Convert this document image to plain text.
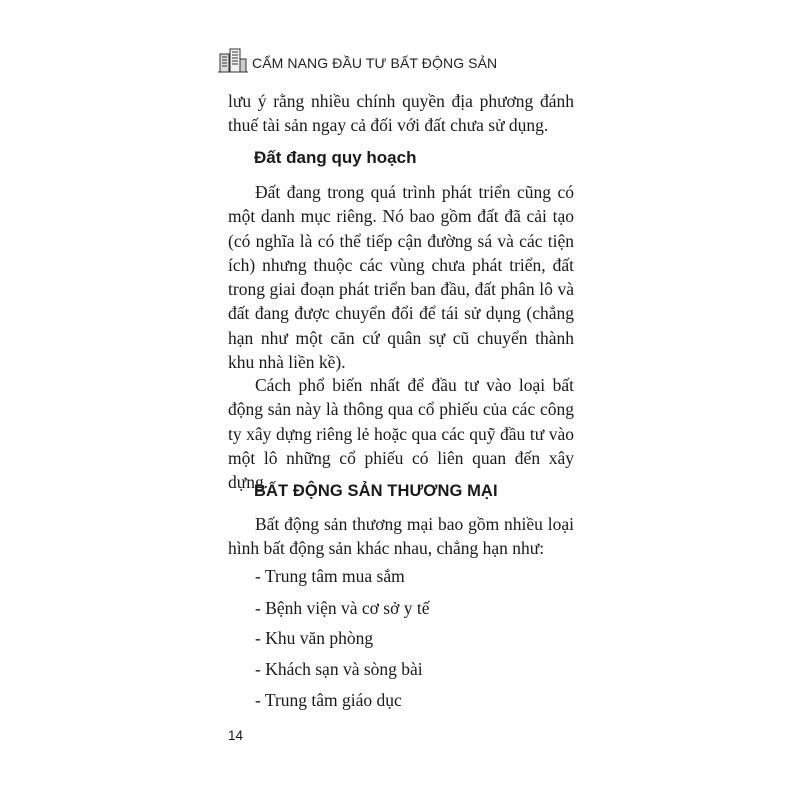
CẨM NANG ĐẦU TƯ BẤT ĐỘNG SẢN

lưu ý rằng nhiều chính quyền địa phương đánh thuế tài sản ngay cả đối với đất chưa sử dụng.

Đất đang quy hoạch

Đất đang trong quá trình phát triển cũng có một danh mục riêng. Nó bao gồm đất đã cải tạo (có nghĩa là có thể tiếp cận đường sá và các tiện ích) nhưng thuộc các vùng chưa phát triển, đất trong giai đoạn phát triển ban đầu, đất phân lô và đất đang được chuyển đổi để tái sử dụng (chẳng hạn như một căn cứ quân sự cũ chuyển thành khu nhà liền kề).

Cách phổ biến nhất để đầu tư vào loại bất động sản này là thông qua cổ phiếu của các công ty xây dựng riêng lẻ hoặc qua các quỹ đầu tư vào một lô những cổ phiếu có liên quan đến xây dựng.

BẤT ĐỘNG SẢN THƯƠNG MẠI

Bất động sản thương mại bao gồm nhiều loại hình bất động sản khác nhau, chẳng hạn như:

- Trung tâm mua sắm

- Bệnh viện và cơ sở y tế

- Khu văn phòng

- Khách sạn và sòng bài

- Trung tâm giáo dục

14
